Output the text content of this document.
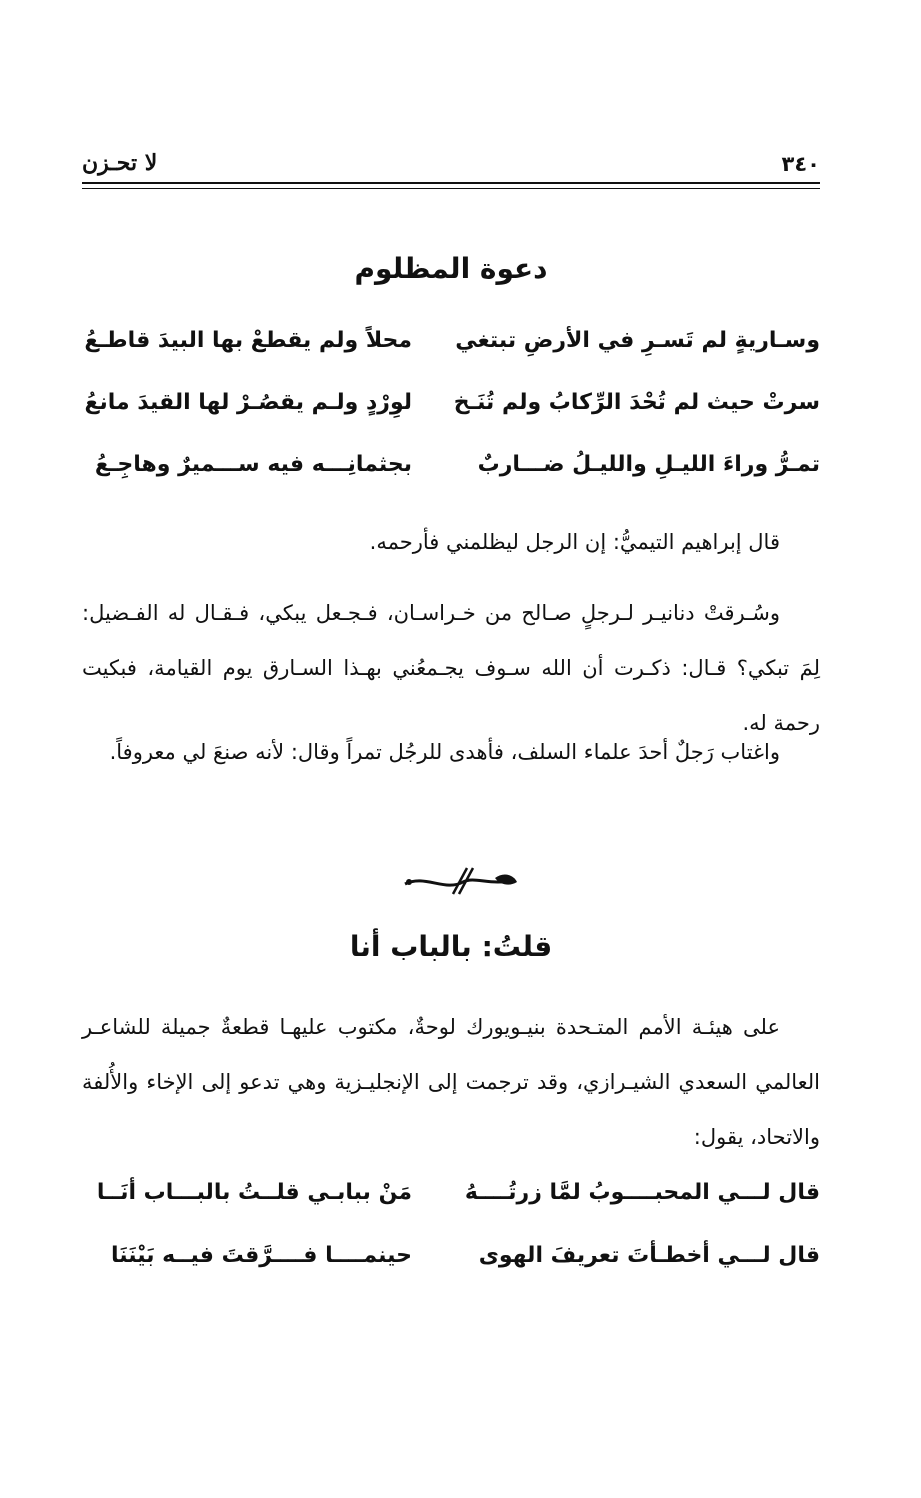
٣٤٠
لا تحـزن
دعوة المظلوم
وسـاريةٍ لم تَسـرِ في الأرضِ تبتغي
محلاً ولم يقطعْ بها البيدَ قاطـعُ
سرتْ حيث لم تُحْدَ الرِّكابُ ولم تُنَـخ
لوِرْدٍ ولـم يقصُـرْ لها القيدَ مانعُ
تمـرُّ وراءَ الليـلِ والليـلُ ضـــاربٌ
بجثمانِـــه فيه ســـميرٌ وهاجِـعُ
قال إبراهيم التيميُّ: إن الرجل ليظلمني فأرحمه.
وسُـرقتْ دنانيـر لـرجلٍ صـالح من خـراسـان، فـجـعل يبكي، فـقـال له الفـضيل: لِمَ تبكي؟ قـال: ذكـرت أن الله سـوف يجـمعُني بهـذا السـارق يوم القيامة، فبكيت رحمة له.
واغتاب رَجلٌ أحدَ علماء السلف، فأهدى للرجُل تمراً وقال: لأنه صنعَ لي معروفاً.
قلتُ: بالباب أنا
على هيئـة الأمم المتـحدة بنيـويورك لوحةٌ، مكتوب عليهـا قطعةٌ جميلة للشاعـر العالمي السعدي الشيـرازي، وقد ترجمت إلى الإنجليـزية وهي تدعو إلى الإخاء والأُلفة والاتحاد، يقول:
قال لـــي المحبــــوبُ لمَّا زرتُــــهُ
مَنْ ببابـي قلــتُ بالبـــاب أنَــا
قال لـــي أخطـأتَ تعريفَ الهوى
حينمــــا فــــرَّقتَ فيــه بَيْنَنَا
